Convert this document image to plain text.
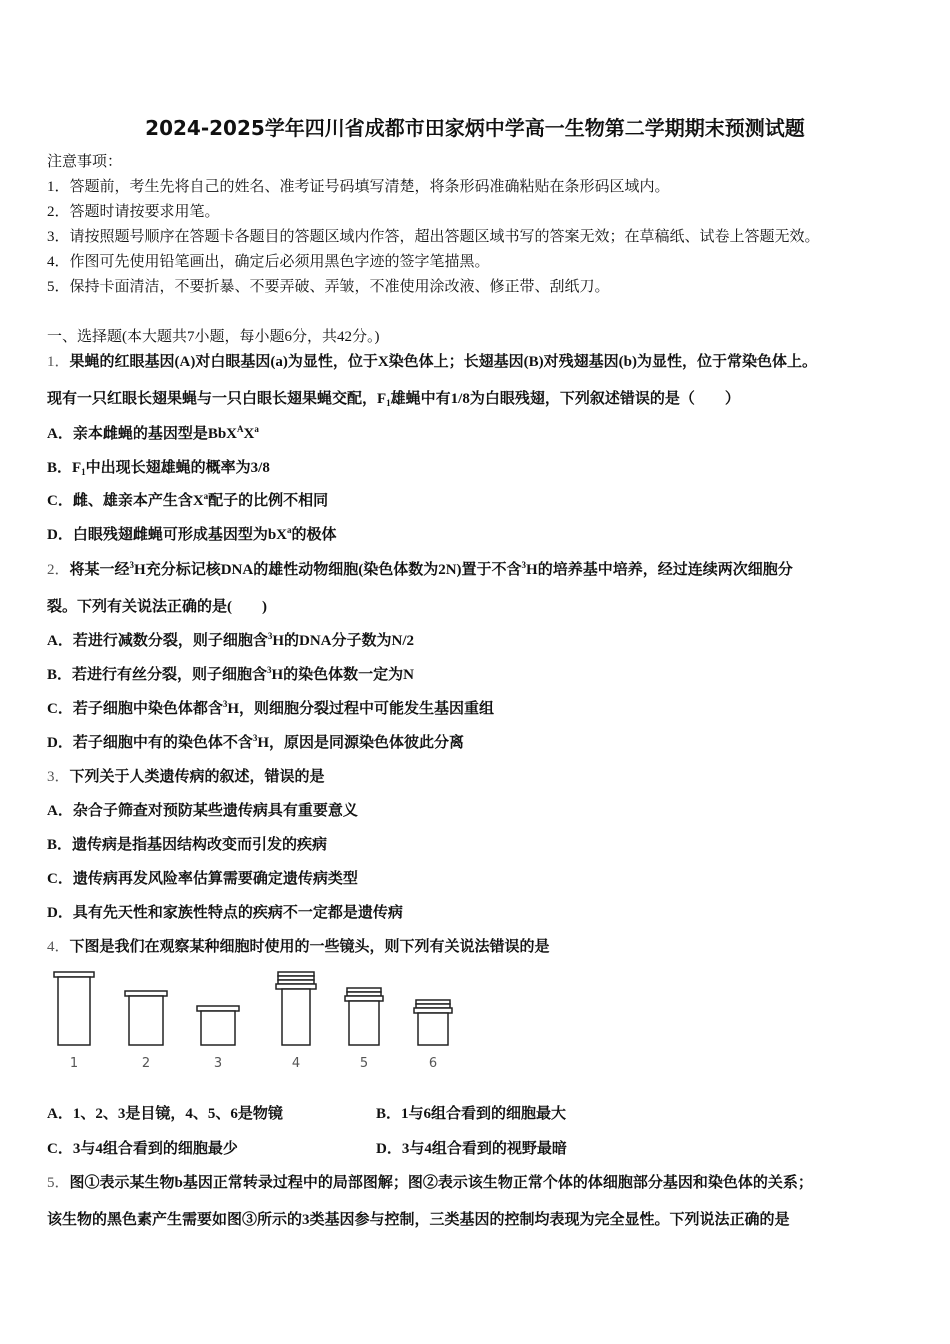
2024-2025学年四川省成都市田家炳中学高一生物第二学期期末预测试题
注意事项：
1．答题前，考生先将自己的姓名、准考证号码填写清楚，将条形码准确粘贴在条形码区域内。
2．答题时请按要求用笔。
3．请按照题号顺序在答题卡各题目的答题区域内作答，超出答题区域书写的答案无效；在草稿纸、试卷上答题无效。
4．作图可先使用铅笔画出，确定后必须用黑色字迹的签字笔描黑。
5．保持卡面清洁，不要折暴、不要弄破、弄皱，不准使用涂改液、修正带、刮纸刀。
一、选择题(本大题共7小题，每小题6分，共42分。)
1．果蝇的红眼基因(A)对白眼基因(a)为显性，位于X染色体上；长翅基因(B)对残翅基因(b)为显性，位于常染色体上。
现有一只红眼长翅果蝇与一只白眼长翅果蝇交配，$F_1$雄蝇中有1/8为白眼残翅，下列叙述错误的是（　　）
A．亲本雌蝇的基因型是$BbX^AX^a$
B．$F_1$中出现长翅雄蝇的概率为3/8
C．雌、雄亲本产生含$X^a$配子的比例不相同
D．白眼残翅雌蝇可形成基因型为$bX^a$的极体
2．将某一经$^3$H充分标记核DNA的雄性动物细胞(染色体数为2N)置于不含$^3$H的培养基中培养，经过连续两次细胞分
裂。下列有关说法正确的是(　　)
A．若进行减数分裂，则子细胞含$^3$H的DNA分子数为N/2
B．若进行有丝分裂，则子细胞含$^3$H的染色体数一定为N
C．若子细胞中染色体都含$^3$H，则细胞分裂过程中可能发生基因重组
D．若子细胞中有的染色体不含$^3$H，原因是同源染色体彼此分离
3．下列关于人类遗传病的叙述，错误的是
A．杂合子筛查对预防某些遗传病具有重要意义
B．遗传病是指基因结构改变而引发的疾病
C．遗传病再发风险率估算需要确定遗传病类型
D．具有先天性和家族性特点的疾病不一定都是遗传病
4．下图是我们在观察某种细胞时使用的一些镜头，则下列有关说法错误的是
1	2	3	4	5	6
A．1、2、3是目镜，4、5、6是物镜	B．1与6组合看到的细胞最大
C．3与4组合看到的细胞最少	D．3与4组合看到的视野最暗
5．图①表示某生物b基因正常转录过程中的局部图解；图②表示该生物正常个体的体细胞部分基因和染色体的关系；
该生物的黑色素产生需要如图③所示的3类基因参与控制，三类基因的控制均表现为完全显性。下列说法正确的是
